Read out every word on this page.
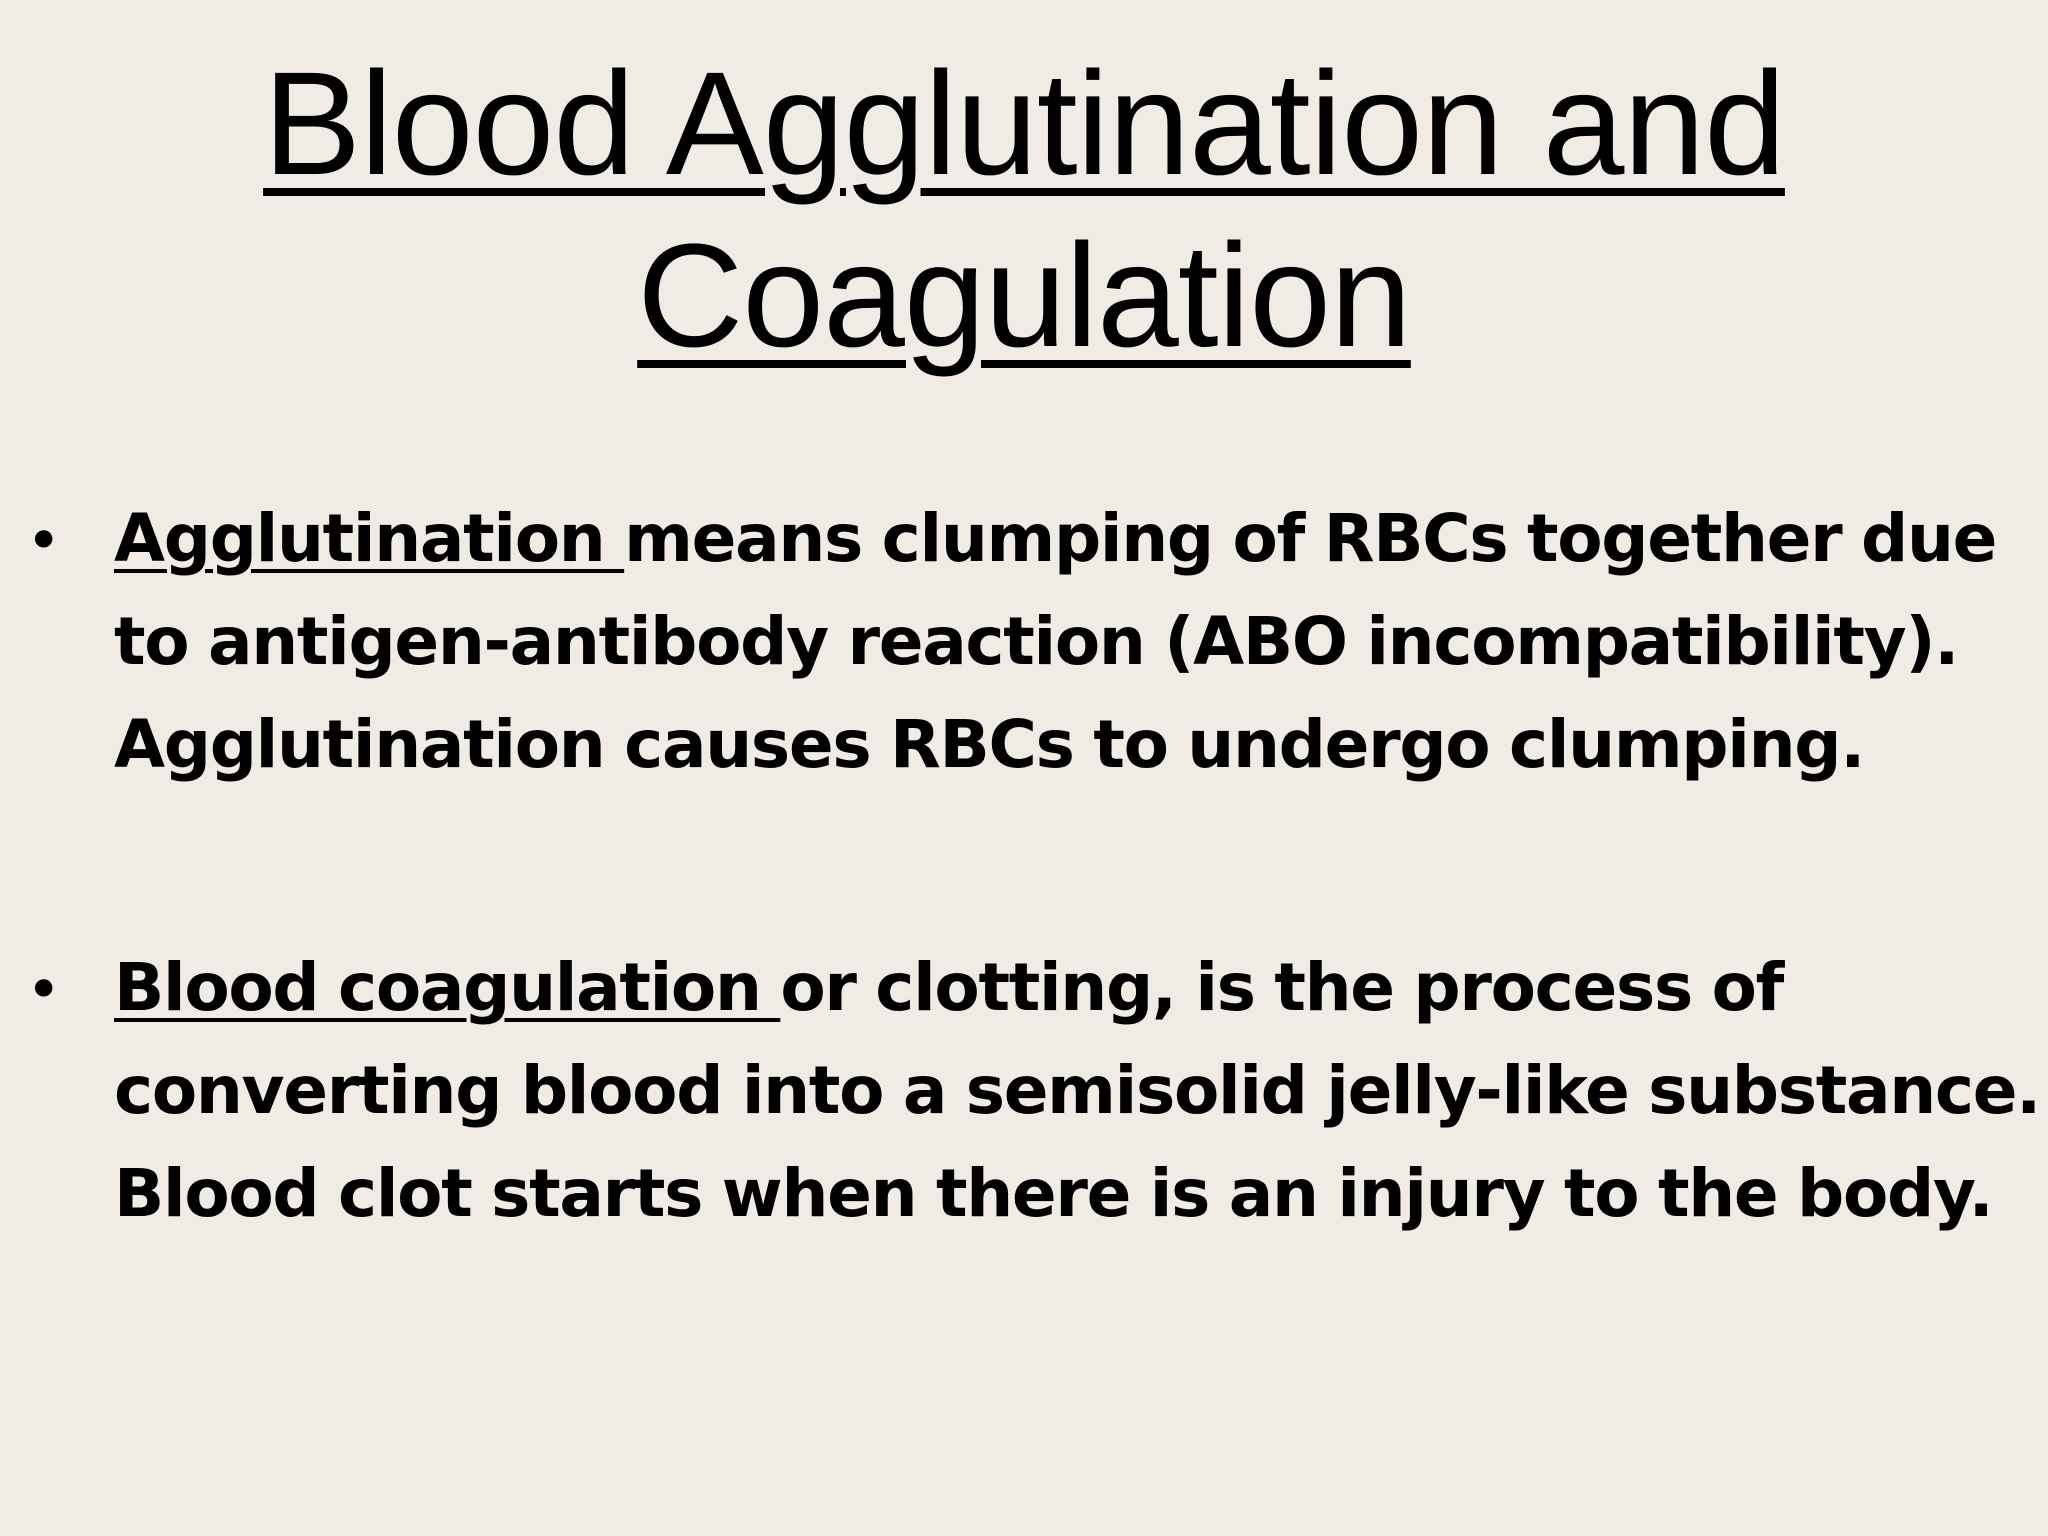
Blood Agglutination and
Coagulation
• Agglutination means clumping of RBCs together due
to antigen-antibody reaction (ABO incompatibility).
Agglutination causes RBCs to undergo clumping.

• Blood coagulation or clotting, is the process of
converting blood into a semisolid jelly-like substance.
Blood clot starts when there is an injury to the body.
